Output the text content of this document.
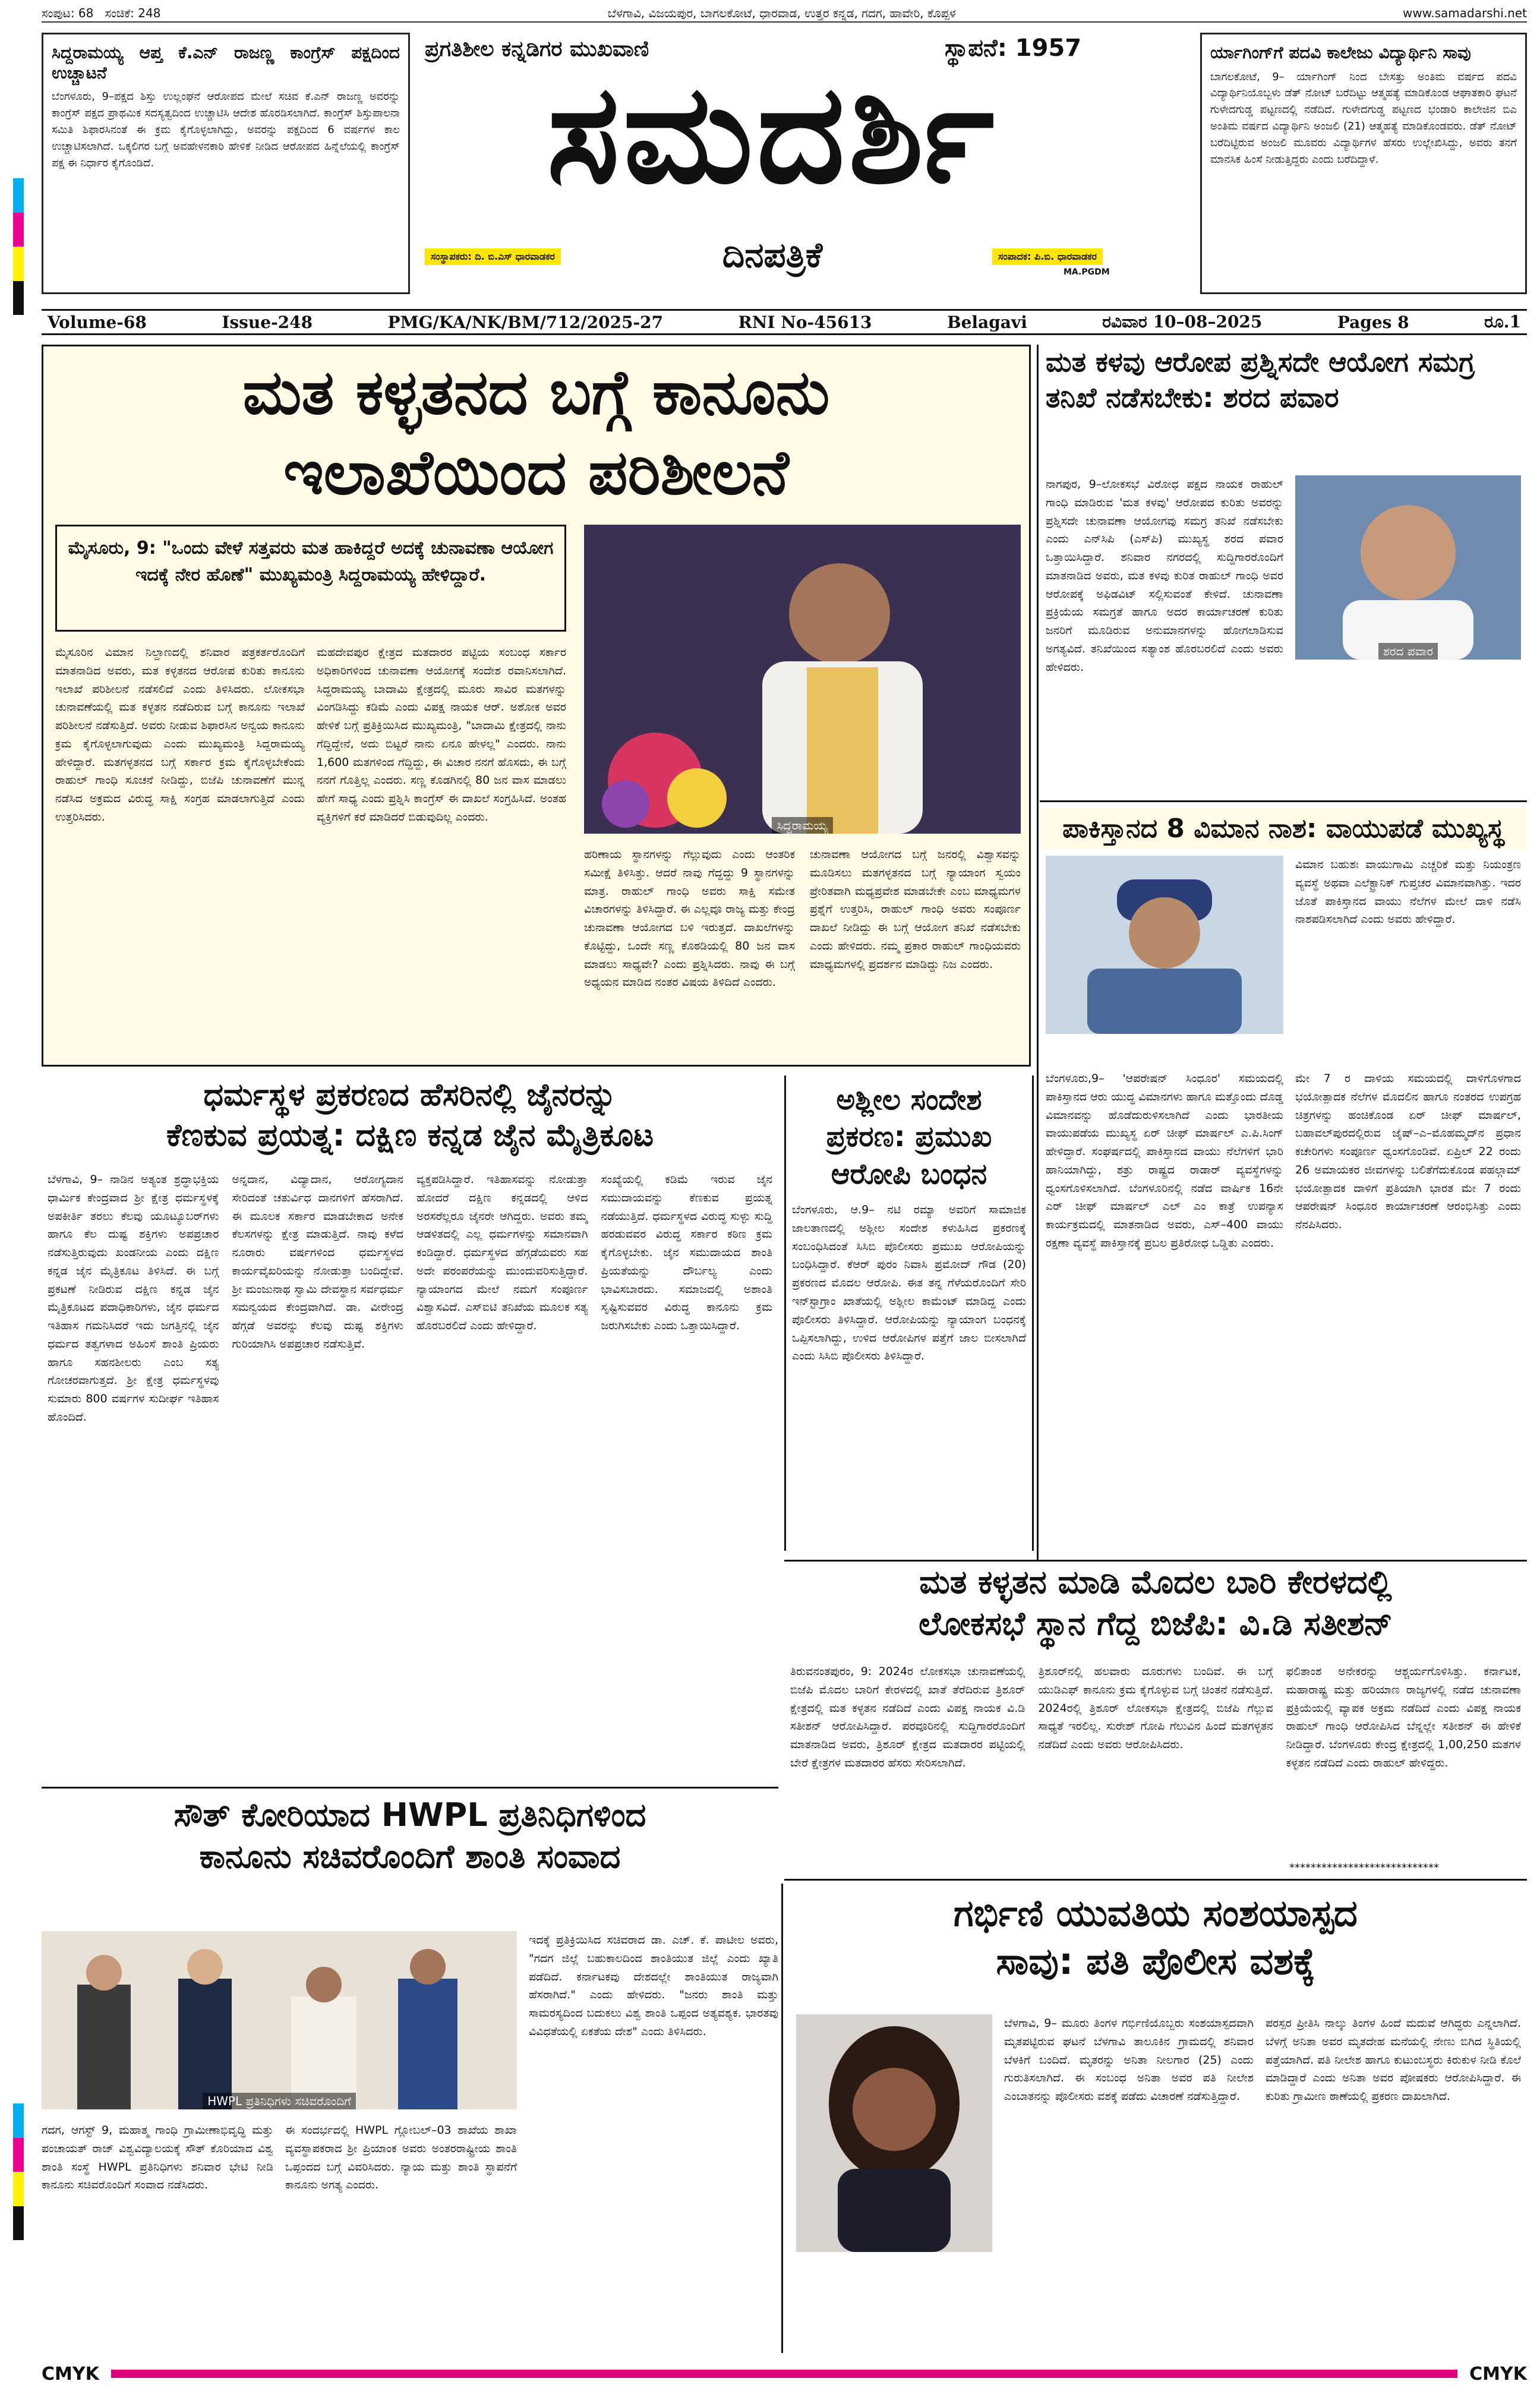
ಸಂಪುಟ: 68 ಸಂಚಿಕೆ: 248	ಬೆಳಗಾವಿ, ವಿಜಯಪುರ, ಬಾಗಲಕೋಟೆ, ಧಾರವಾಡ, ಉತ್ತರ ಕನ್ನಡ, ಗದಗ, ಹಾವೇರಿ, ಕೊಪ್ಪಳ	www.samadarshi.net
ಸಿದ್ದರಾಮಯ್ಯ ಆಪ್ತ ಕೆ.ಎನ್ ರಾಜಣ್ಣ ಕಾಂಗ್ರೆಸ್ ಪಕ್ಷದಿಂದ ಉಚ್ಚಾಟನೆ
ಬೆಂಗಳೂರು, 9–ಪಕ್ಷದ ಶಿಸ್ತು ಉಲ್ಲಂಘನೆ ಆರೋಪದ ಮೇಲೆ ಸಚಿವ ಕೆ.ಎನ್ ರಾಜಣ್ಣ ಅವರನ್ನು ಕಾಂಗ್ರೆಸ್ ಪಕ್ಷದ ಪ್ರಾಥಮಿಕ ಸದಸ್ಯತ್ವದಿಂದ ಉಚ್ಚಾಟಿಸಿ ಆದೇಶ ಹೊರಡಿಸಲಾಗಿದೆ. ಕಾಂಗ್ರೆಸ್ ಶಿಸ್ತುಪಾಲನಾ ಸಮಿತಿ ಶಿಫಾರಸಿನಂತೆ ಈ ಕ್ರಮ ಕೈಗೊಳ್ಳಲಾಗಿದ್ದು, ಅವರನ್ನು ಪಕ್ಷದಿಂದ 6 ವರ್ಷಗಳ ಕಾಲ ಉಚ್ಚಾಟಿಸಲಾಗಿದೆ. ಒಕ್ಕಲಿಗರ ಬಗ್ಗೆ ಅವಹೇಳನಕಾರಿ ಹೇಳಿಕೆ ನೀಡಿದ ಆರೋಪದ ಹಿನ್ನೆಲೆಯಲ್ಲಿ ಕಾಂಗ್ರೆಸ್ ಪಕ್ಷ ಈ ನಿರ್ಧಾರ ಕೈಗೊಂಡಿದೆ.
ಪ್ರಗತಿಶೀಲ ಕನ್ನಡಿಗರ ಮುಖವಾಣಿ	ಸ್ಥಾಪನೆ: 1957
ಸಮದರ್ಶಿ
ಸಂಸ್ಥಾಪಕರು: ದಿ. ಬಿ.ಎಸ್ ಧಾರವಾಡಕರ	ದಿನಪತ್ರಿಕೆ	ಸಂಪಾದಕ: ಪಿ.ಬಿ. ಧಾರವಾಡಕರ
MA.PGDM
ರ್ಯಾಗಿಂಗ್‌ಗೆ ಪದವಿ ಕಾಲೇಜು ವಿದ್ಯಾರ್ಥಿನಿ ಸಾವು
ಬಾಗಲಕೋಟೆ, 9– ರ್ಯಾಗಿಂಗ್ ನಿಂದ ಬೇಸತ್ತು ಅಂತಿಮ ವರ್ಷದ ಪದವಿ ವಿದ್ಯಾರ್ಥಿನಿಯೊಬ್ಬಳು ಡೆತ್ ನೋಟ್ ಬರೆದಿಟ್ಟು ಆತ್ಮಹತ್ಯೆ ಮಾಡಿಕೊಂಡ ಆಘಾತಕಾರಿ ಘಟನೆ ಗುಳೇದಗುಡ್ಡ ಪಟ್ಟಣದಲ್ಲಿ ನಡೆದಿದೆ. ಗುಳೇದಗುಡ್ಡ ಪಟ್ಟಣದ ಭಂಡಾರಿ ಕಾಲೇಜಿನ ಬಿಎ ಅಂತಿಮ ವರ್ಷದ ವಿದ್ಯಾರ್ಥಿನಿ ಅಂಜಲಿ (21) ಆತ್ಮಹತ್ಯೆ ಮಾಡಿಕೊಂಡವರು. ಡೆತ್ ನೋಟ್ ಬರೆದಿಟ್ಟಿರುವ ಅಂಜಲಿ ಮೂವರು ವಿದ್ಯಾರ್ಥಿಗಳ ಹೆಸರು ಉಲ್ಲೇಖಿಸಿದ್ದು, ಅವರು ತನಗೆ ಮಾನಸಿಕ ಹಿಂಸೆ ನೀಡುತ್ತಿದ್ದರು ಎಂದು ಬರೆದಿದ್ದಾಳೆ.
Volume-68	Issue-248	PMG/KA/NK/BM/712/2025-27	RNI No-45613	Belagavi	ರವಿವಾರ 10–08–2025	Pages 8	ರೂ.1
ಮತ ಕಳ್ಳತನದ ಬಗ್ಗೆ ಕಾನೂನು
ಇಲಾಖೆಯಿಂದ ಪರಿಶೀಲನೆ
ಮೈಸೂರು, 9: "ಒಂದು ವೇಳೆ ಸತ್ತವರು ಮತ ಹಾಕಿದ್ದರೆ ಅದಕ್ಕೆ ಚುನಾವಣಾ ಆಯೋಗ ಇದಕ್ಕೆ ನೇರ ಹೊಣೆ" ಮುಖ್ಯಮಂತ್ರಿ ಸಿದ್ದರಾಮಯ್ಯ ಹೇಳಿದ್ದಾರೆ.
ಸಿದ್ದರಾಮಯ್ಯ
ಮೈಸೂರಿನ ವಿಮಾನ ನಿಲ್ದಾಣದಲ್ಲಿ ಶನಿವಾರ ಪತ್ರಕರ್ತರೊಂದಿಗೆ ಮಾತನಾಡಿದ ಅವರು, ಮತ ಕಳ್ಳತನದ ಆರೋಪ ಕುರಿತು ಕಾನೂನು ಇಲಾಖೆ ಪರಿಶೀಲನೆ ನಡೆಸಲಿದೆ ಎಂದು ತಿಳಿಸಿದರು. ಲೋಕಸಭಾ ಚುನಾವಣೆಯಲ್ಲಿ ಮತ ಕಳ್ಳತನ ನಡೆದಿರುವ ಬಗ್ಗೆ ಕಾನೂನು ಇಲಾಖೆ ಪರಿಶೀಲನೆ ನಡೆಸುತ್ತಿದೆ. ಅವರು ನೀಡುವ ಶಿಫಾರಸಿನ ಅನ್ವಯ ಕಾನೂನು ಕ್ರಮ ಕೈಗೊಳ್ಳಲಾಗುವುದು ಎಂದು ಮುಖ್ಯಮಂತ್ರಿ ಸಿದ್ದರಾಮಯ್ಯ ಹೇಳಿದ್ದಾರೆ. ಮತಗಳ್ಳತನದ ಬಗ್ಗೆ ಸರ್ಕಾರ ಕ್ರಮ ಕೈಗೊಳ್ಳಬೇಕೆಂದು ರಾಹುಲ್ ಗಾಂಧಿ ಸೂಚನೆ ನೀಡಿದ್ದು, ಬಿಜೆಪಿ ಚುನಾವಣೆಗೆ ಮುನ್ನ ನಡೆಸಿದ ಅಕ್ರಮದ ವಿರುದ್ಧ ಸಾಕ್ಷಿ ಸಂಗ್ರಹ ಮಾಡಲಾಗುತ್ತಿದೆ ಎಂದು ಉತ್ತರಿಸಿದರು.
ಮಹದೇವಪುರ ಕ್ಷೇತ್ರದ ಮತದಾರರ ಪಟ್ಟಿಯ ಸಂಬಂಧ ಸರ್ಕಾರ ಅಧಿಕಾರಿಗಳಿಂದ ಚುನಾವಣಾ ಆಯೋಗಕ್ಕೆ ಸಂದೇಶ ರವಾನಿಸಲಾಗಿದೆ. ಸಿದ್ದರಾಮಯ್ಯ ಬಾದಾಮಿ ಕ್ಷೇತ್ರದಲ್ಲಿ ಮೂರು ಸಾವಿರ ಮತಗಳನ್ನು ವಿಂಗಡಿಸಿದ್ದು ಕಡಿಮೆ ಎಂದು ವಿಪಕ್ಷ ನಾಯಕ ಆರ್. ಅಶೋಕ ಅವರ ಹೇಳಿಕೆ ಬಗ್ಗೆ ಪ್ರತಿಕ್ರಿಯಿಸಿದ ಮುಖ್ಯಮಂತ್ರಿ, "ಬಾದಾಮಿ ಕ್ಷೇತ್ರದಲ್ಲಿ ನಾನು ಗೆದ್ದಿದ್ದೇನೆ, ಅದು ಬಿಟ್ಟರೆ ನಾನು ಏನೂ ಹೇಳಲ್ಲ" ಎಂದರು. ನಾನು 1,600 ಮತಗಳಿಂದ ಗೆದ್ದಿದ್ದು, ಈ ವಿಚಾರ ನನಗೆ ಹೊಸದು, ಈ ಬಗ್ಗೆ ನನಗೆ ಗೊತ್ತಿಲ್ಲ ಎಂದರು. ಸಣ್ಣ ಕೊಡಗಿನಲ್ಲಿ 80 ಜನ ವಾಸ ಮಾಡಲು ಹೇಗೆ ಸಾಧ್ಯ ಎಂದು ಪ್ರಶ್ನಿಸಿ ಕಾಂಗ್ರೆಸ್ ಈ ದಾಖಲೆ ಸಂಗ್ರಹಿಸಿದೆ. ಅಂತಹ ವ್ಯಕ್ತಿಗಳಿಗೆ ಕರೆ ಮಾಡಿದರೆ ಬಿಡುವುದಿಲ್ಲ ಎಂದರು.
ಹರಿಣಾಯ ಸ್ಥಾನಗಳನ್ನು ಗೆಲ್ಲುವುದು ಎಂದು ಆಂತರಿಕ ಸಮೀಕ್ಷೆ ತಿಳಿಸಿತ್ತು. ಆದರೆ ನಾವು ಗೆದ್ದದ್ದು 9 ಸ್ಥಾನಗಳನ್ನು ಮಾತ್ರ. ರಾಹುಲ್ ಗಾಂಧಿ ಅವರು ಸಾಕ್ಷಿ ಸಮೇತ ವಿಚಾರಗಳನ್ನು ತಿಳಿಸಿದ್ದಾರೆ. ಈ ಎಲ್ಲವೂ ರಾಜ್ಯ ಮತ್ತು ಕೇಂದ್ರ ಚುನಾವಣಾ ಆಯೋಗದ ಬಳಿ ಇರುತ್ತದೆ. ದಾಖಲೆಗಳನ್ನು ಕೊಟ್ಟಿದ್ದು, ಒಂದೇ ಸಣ್ಣ ಕೊಠಡಿಯಲ್ಲಿ 80 ಜನ ವಾಸ ಮಾಡಲು ಸಾಧ್ಯವೇ? ಎಂದು ಪ್ರಶ್ನಿಸಿದರು. ನಾವು ಈ ಬಗ್ಗೆ ಅಧ್ಯಯನ ಮಾಡಿದ ನಂತರ ವಿಷಯ ತಿಳಿದಿದೆ ಎಂದರು.
ಚುನಾವಣಾ ಆಯೋಗದ ಬಗ್ಗೆ ಜನರಲ್ಲಿ ವಿಶ್ವಾಸವನ್ನು ಮೂಡಿಸಲು ಮತಗಳ್ಳತನದ ಬಗ್ಗೆ ನ್ಯಾಯಾಂಗ ಸ್ವಯಂ ಪ್ರೇರಿತವಾಗಿ ಮಧ್ಯಪ್ರವೇಶ ಮಾಡಬೇಕೇ ಎಂಬ ಮಾಧ್ಯಮಗಳ ಪ್ರಶ್ನೆಗೆ ಉತ್ತರಿಸಿ, ರಾಹುಲ್ ಗಾಂಧಿ ಅವರು ಸಂಪೂರ್ಣ ದಾಖಲೆ ನೀಡಿದ್ದು ಈ ಬಗ್ಗೆ ಆಯೋಗ ತನಿಖೆ ನಡೆಸಬೇಕು ಎಂದು ಹೇಳಿದರು. ನಮ್ಮ ಪ್ರಕಾರ ರಾಹುಲ್ ಗಾಂಧಿಯವರು ಮಾಧ್ಯಮಗಳಲ್ಲಿ ಪ್ರದರ್ಶನ ಮಾಡಿದ್ದು ನಿಜ ಎಂದರು.
ಮತ ಕಳವು ಆರೋಪ ಪ್ರಶ್ನಿಸದೇ ಆಯೋಗ ಸಮಗ್ರ ತನಿಖೆ ನಡೆಸಬೇಕು: ಶರದ ಪವಾರ
ನಾಗಪುರ, 9–ಲೋಕಸಭೆ ವಿರೋಧ ಪಕ್ಷದ ನಾಯಕ ರಾಹುಲ್ ಗಾಂಧಿ ಮಾಡಿರುವ 'ಮತ ಕಳವು' ಆರೋಪದ ಕುರಿತು ಅವರನ್ನು ಪ್ರಶ್ನಿಸದೇ ಚುನಾವಣಾ ಆಯೋಗವು ಸಮಗ್ರ ತನಿಖೆ ನಡೆಸಬೇಕು ಎಂದು ಎನ್‌ಸಿಪಿ (ಎಸ್‌ಪಿ) ಮುಖ್ಯಸ್ಥ ಶರದ ಪವಾರ ಒತ್ತಾಯಿಸಿದ್ದಾರೆ. ಶನಿವಾರ ನಗರದಲ್ಲಿ ಸುದ್ದಿಗಾರರೊಂದಿಗೆ ಮಾತನಾಡಿದ ಅವರು, ಮತ ಕಳವು ಕುರಿತ ರಾಹುಲ್ ಗಾಂಧಿ ಅವರ ಆರೋಪಕ್ಕೆ ಅಫಿಡವಿಟ್ ಸಲ್ಲಿಸುವಂತೆ ಕೇಳಿದೆ. ಚುನಾವಣಾ ಪ್ರಕ್ರಿಯೆಯ ಸಮಗ್ರತೆ ಹಾಗೂ ಅದರ ಕಾರ್ಯಾಚರಣೆ ಕುರಿತು ಜನರಿಗೆ ಮೂಡಿರುವ ಅನುಮಾನಗಳನ್ನು ಹೋಗಲಾಡಿಸುವ ಅಗತ್ಯವಿದೆ. ತನಿಖೆಯಿಂದ ಸತ್ಯಾಂಶ ಹೊರಬರಲಿದೆ ಎಂದು ಅವರು ಹೇಳಿದರು.
ಶರದ ಪವಾರ
ಪಾಕಿಸ್ತಾನದ 8 ವಿಮಾನ ನಾಶ: ವಾಯುಪಡೆ ಮುಖ್ಯಸ್ಥ
ವಿಮಾನ ಬಹುಶಃ ವಾಯುಗಾಮಿ ಎಚ್ಚರಿಕೆ ಮತ್ತು ನಿಯಂತ್ರಣ ವ್ಯವಸ್ಥೆ ಅಥವಾ ಎಲೆಕ್ಟ್ರಾನಿಕ್ ಗುಪ್ತಚರ ವಿಮಾನವಾಗಿತ್ತು. ಇದರ ಜೊತೆ ಪಾಕಿಸ್ತಾನದ ವಾಯು ನೆಲೆಗಳ ಮೇಲೆ ದಾಳಿ ನಡೆಸಿ ನಾಶಪಡಿಸಲಾಗಿದೆ ಎಂದು ಅವರು ಹೇಳಿದ್ದಾರೆ.
ಬೆಂಗಳೂರು,9– 'ಆಪರೇಷನ್ ಸಿಂಧೂರ' ಸಮಯದಲ್ಲಿ ಪಾಕಿಸ್ತಾನದ ಆರು ಯುದ್ಧ ವಿಮಾನಗಳು ಹಾಗೂ ಮತ್ತೊಂದು ದೊಡ್ಡ ವಿಮಾನವನ್ನು ಹೊಡೆದುರುಳಿಸಲಾಗಿದೆ ಎಂದು ಭಾರತೀಯ ವಾಯುಪಡೆಯ ಮುಖ್ಯಸ್ಥ ಏರ್ ಚೀಫ್ ಮಾರ್ಷಲ್ ಎ.ಪಿ.ಸಿಂಗ್ ಹೇಳಿದ್ದಾರೆ. ಸಂಘರ್ಷದಲ್ಲಿ ಪಾಕಿಸ್ತಾನದ ವಾಯು ನೆಲೆಗಳಿಗೆ ಭಾರಿ ಹಾನಿಯಾಗಿದ್ದು, ಶತ್ರು ರಾಷ್ಟ್ರದ ರಾಡಾರ್ ವ್ಯವಸ್ಥೆಗಳನ್ನು ಧ್ವಂಸಗೊಳಿಸಲಾಗಿದೆ. ಬೆಂಗಳೂರಿನಲ್ಲಿ ನಡೆದ ವಾರ್ಷಿಕ 16ನೇ ಎರ್ ಚೀಫ್ ಮಾರ್ಷಲ್ ಎಲ್ ಎಂ ಕಾತ್ರೆ ಉಪನ್ಯಾಸ ಕಾರ್ಯಕ್ರಮದಲ್ಲಿ ಮಾತನಾಡಿದ ಅವರು, ಎಸ್–400 ವಾಯು ರಕ್ಷಣಾ ವ್ಯವಸ್ಥೆ ಪಾಕಿಸ್ತಾನಕ್ಕೆ ಪ್ರಬಲ ಪ್ರತಿರೋಧ ಒಡ್ಡಿತು ಎಂದರು.
ಮೇ 7 ರ ದಾಳಿಯ ಸಮಯದಲ್ಲಿ ದಾಳಿಗೊಳಗಾದ ಭಯೋತ್ಪಾದಕ ನೆಲೆಗಳ ಮೊದಲಿನ ಹಾಗೂ ನಂತರದ ಉಪಗ್ರಹ ಚಿತ್ರಗಳನ್ನು ಹಂಚಿಕೊಂಡ ಏರ್ ಚೀಫ್ ಮಾರ್ಷಲ್, ಬಹಾವಲ್‌ಪುರದಲ್ಲಿರುವ ಜೈಷ್–ಎ–ಮೊಹಮ್ಮದ್‌ನ ಪ್ರಧಾನ ಕಚೇರಿಗಳು ಸಂಪೂರ್ಣ ಧ್ವಂಸಗೊಂಡಿವೆ. ಏಪ್ರಿಲ್ 22 ರಂದು 26 ಅಮಾಯಕರ ಜೀವಗಳನ್ನು ಬಲಿತೆಗೆದುಕೊಂಡ ಪಹಲ್ಗಾಮ್ ಭಯೋತ್ಪಾದಕ ದಾಳಿಗೆ ಪ್ರತಿಯಾಗಿ ಭಾರತ ಮೇ 7 ರಂದು ಆಪರೇಷನ್ ಸಿಂಧೂರ ಕಾರ್ಯಾಚರಣೆ ಆರಂಭಿಸಿತ್ತು ಎಂದು ನೆನಪಿಸಿದರು.
ಧರ್ಮಸ್ಥಳ ಪ್ರಕರಣದ ಹೆಸರಿನಲ್ಲಿ ಜೈನರನ್ನು
ಕೆಣಕುವ ಪ್ರಯತ್ನ: ದಕ್ಷಿಣ ಕನ್ನಡ ಜೈನ ಮೈತ್ರಿಕೂಟ
ಬೆಳಗಾವಿ, 9– ನಾಡಿನ ಅತ್ಯಂತ ಶ್ರದ್ಧಾಭಕ್ತಿಯ ಧಾರ್ಮಿಕ ಕೇಂದ್ರವಾದ ಶ್ರೀ ಕ್ಷೇತ್ರ ಧರ್ಮಸ್ಥಳಕ್ಕೆ ಅಪಕೀರ್ತಿ ತರಲು ಕೆಲವು ಯೂಟ್ಯೂಬರ್‌ಗಳು ಹಾಗೂ ಕೆಲ ದುಷ್ಟ ಶಕ್ತಿಗಳು ಅಪಪ್ರಚಾರ ನಡೆಸುತ್ತಿರುವುದು ಖಂಡನೀಯ ಎಂದು ದಕ್ಷಿಣ ಕನ್ನಡ ಜೈನ ಮೈತ್ರಿಕೂಟ ತಿಳಿಸಿದೆ. ಈ ಬಗ್ಗೆ ಪ್ರಕಟಣೆ ನೀಡಿರುವ ದಕ್ಷಿಣ ಕನ್ನಡ ಜೈನ ಮೈತ್ರಿಕೂಟದ ಪದಾಧಿಕಾರಿಗಳು, ಜೈನ ಧರ್ಮದ ಇತಿಹಾಸ ಗಮನಿಸಿದರೆ ಇದು ಜಗತ್ತಿನಲ್ಲಿ ಜೈನ ಧರ್ಮದ ತತ್ವಗಳಾದ ಅಹಿಂಸೆ ಶಾಂತಿ ಪ್ರಿಯರು ಹಾಗೂ ಸಹನಶೀಲರು ಎಂಬ ಸತ್ಯ ಗೋಚರವಾಗುತ್ತದೆ. ಶ್ರೀ ಕ್ಷೇತ್ರ ಧರ್ಮಸ್ಥಳವು ಸುಮಾರು 800 ವರ್ಷಗಳ ಸುದೀರ್ಘ ಇತಿಹಾಸ ಹೊಂದಿದೆ.
ಅನ್ನದಾನ, ವಿದ್ಯಾದಾನ, ಆರೋಗ್ಯದಾನ ಸೇರಿದಂತೆ ಚತುರ್ವಿಧ ದಾನಗಳಿಗೆ ಹೆಸರಾಗಿದೆ. ಈ ಮೂಲಕ ಸರ್ಕಾರ ಮಾಡಬೇಕಾದ ಅನೇಕ ಕೆಲಸಗಳನ್ನು ಕ್ಷೇತ್ರ ಮಾಡುತ್ತಿದೆ. ನಾವು ಕಳೆದ ನೂರಾರು ವರ್ಷಗಳಿಂದ ಧರ್ಮಸ್ಥಳದ ಕಾರ್ಯವೈಖರಿಯನ್ನು ನೋಡುತ್ತಾ ಬಂದಿದ್ದೇವೆ. ಶ್ರೀ ಮಂಜುನಾಥ ಸ್ವಾಮಿ ದೇವಸ್ಥಾನ ಸರ್ವಧರ್ಮ ಸಮನ್ವಯದ ಕೇಂದ್ರವಾಗಿದೆ. ಡಾ. ವೀರೇಂದ್ರ ಹೆಗ್ಗಡೆ ಅವರನ್ನು ಕೆಲವು ದುಷ್ಟ ಶಕ್ತಿಗಳು ಗುರಿಯಾಗಿಸಿ ಅಪಪ್ರಚಾರ ನಡೆಸುತ್ತಿವೆ.
ವ್ಯಕ್ತಪಡಿಸಿದ್ದಾರೆ. ಇತಿಹಾಸವನ್ನು ನೋಡುತ್ತಾ ಹೋದರೆ ದಕ್ಷಿಣ ಕನ್ನಡದಲ್ಲಿ ಆಳಿದ ಅರಸರೆಲ್ಲರೂ ಜೈನರೇ ಆಗಿದ್ದರು. ಅವರು ತಮ್ಮ ಆಡಳಿತದಲ್ಲಿ ಎಲ್ಲ ಧರ್ಮಗಳನ್ನು ಸಮಾನವಾಗಿ ಕಂಡಿದ್ದಾರೆ. ಧರ್ಮಸ್ಥಳದ ಹೆಗ್ಗಡೆಯವರು ಸಹ ಅದೇ ಪರಂಪರೆಯನ್ನು ಮುಂದುವರಿಸುತ್ತಿದ್ದಾರೆ. ನ್ಯಾಯಾಂಗದ ಮೇಲೆ ನಮಗೆ ಸಂಪೂರ್ಣ ವಿಶ್ವಾಸವಿದೆ. ಎಸ್‌ಐಟಿ ತನಿಖೆಯ ಮೂಲಕ ಸತ್ಯ ಹೊರಬರಲಿದೆ ಎಂದು ಹೇಳಿದ್ದಾರೆ.
ಸಂಖ್ಯೆಯಲ್ಲಿ ಕಡಿಮೆ ಇರುವ ಜೈನ ಸಮುದಾಯವನ್ನು ಕೆಣಕುವ ಪ್ರಯತ್ನ ನಡೆಯುತ್ತಿದೆ. ಧರ್ಮಸ್ಥಳದ ವಿರುದ್ಧ ಸುಳ್ಳು ಸುದ್ದಿ ಹರಡುವವರ ವಿರುದ್ಧ ಸರ್ಕಾರ ಕಠಿಣ ಕ್ರಮ ಕೈಗೊಳ್ಳಬೇಕು. ಜೈನ ಸಮುದಾಯದ ಶಾಂತಿ ಪ್ರಿಯತೆಯನ್ನು ದೌರ್ಬಲ್ಯ ಎಂದು ಭಾವಿಸಬಾರದು. ಸಮಾಜದಲ್ಲಿ ಅಶಾಂತಿ ಸೃಷ್ಟಿಸುವವರ ವಿರುದ್ಧ ಕಾನೂನು ಕ್ರಮ ಜರುಗಿಸಬೇಕು ಎಂದು ಒತ್ತಾಯಿಸಿದ್ದಾರೆ.
ಅಶ್ಲೀಲ ಸಂದೇಶ ಪ್ರಕರಣ: ಪ್ರಮುಖ ಆರೋಪಿ ಬಂಧನ
ಬೆಂಗಳೂರು, ಆ.9– ನಟಿ ರಮ್ಯಾ ಅವರಿಗೆ ಸಾಮಾಜಿಕ ಜಾಲತಾಣದಲ್ಲಿ ಅಶ್ಲೀಲ ಸಂದೇಶ ಕಳುಹಿಸಿದ ಪ್ರಕರಣಕ್ಕೆ ಸಂಬಂಧಿಸಿದಂತೆ ಸಿಸಿಬಿ ಪೊಲೀಸರು ಪ್ರಮುಖ ಆರೋಪಿಯನ್ನು ಬಂಧಿಸಿದ್ದಾರೆ. ಕೆಆರ್ ಪುರಂ ನಿವಾಸಿ ಪ್ರಮೋದ್ ಗೌಡ (20) ಪ್ರಕರಣದ ಮೊದಲ ಆರೋಪಿ. ಈತ ತನ್ನ ಗೆಳೆಯರೊಂದಿಗೆ ಸೇರಿ ಇನ್‌ಸ್ಟಾಗ್ರಾಂ ಖಾತೆಯಲ್ಲಿ ಅಶ್ಲೀಲ ಕಾಮೆಂಟ್ ಮಾಡಿದ್ದ ಎಂದು ಪೊಲೀಸರು ತಿಳಿಸಿದ್ದಾರೆ. ಆರೋಪಿಯನ್ನು ನ್ಯಾಯಾಂಗ ಬಂಧನಕ್ಕೆ ಒಪ್ಪಿಸಲಾಗಿದ್ದು, ಉಳಿದ ಆರೋಪಿಗಳ ಪತ್ತೆಗೆ ಜಾಲ ಬೀಸಲಾಗಿದೆ ಎಂದು ಸಿಸಿಬಿ ಪೊಲೀಸರು ತಿಳಿಸಿದ್ದಾರೆ.
ಮತ ಕಳ್ಳತನ ಮಾಡಿ ಮೊದಲ ಬಾರಿ ಕೇರಳದಲ್ಲಿ
ಲೋಕಸಭೆ ಸ್ಥಾನ ಗೆದ್ದ ಬಿಜೆಪಿ: ವಿ.ಡಿ ಸತೀಶನ್
ತಿರುವನಂತಪುರಂ, 9: 2024ರ ಲೋಕಸಭಾ ಚುನಾವಣೆಯಲ್ಲಿ ಬಿಜೆಪಿ ಮೊದಲ ಬಾರಿಗೆ ಕೇರಳದಲ್ಲಿ ಖಾತೆ ತೆರೆದಿರುವ ತ್ರಿಶೂರ್ ಕ್ಷೇತ್ರದಲ್ಲಿ ಮತ ಕಳ್ಳತನ ನಡೆದಿದೆ ಎಂದು ವಿಪಕ್ಷ ನಾಯಕ ವಿ.ಡಿ ಸತೀಶನ್ ಆರೋಪಿಸಿದ್ದಾರೆ. ಪರವೂರಿನಲ್ಲಿ ಸುದ್ದಿಗಾರರೊಂದಿಗೆ ಮಾತನಾಡಿದ ಅವರು, ತ್ರಿಶೂರ್ ಕ್ಷೇತ್ರದ ಮತದಾರರ ಪಟ್ಟಿಯಲ್ಲಿ ಬೇರೆ ಕ್ಷೇತ್ರಗಳ ಮತದಾರರ ಹೆಸರು ಸೇರಿಸಲಾಗಿದೆ.
ತ್ರಿಶೂರ್‌ನಲ್ಲಿ ಹಲವಾರು ದೂರುಗಳು ಬಂದಿವೆ. ಈ ಬಗ್ಗೆ ಯುಡಿಎಫ್ ಕಾನೂನು ಕ್ರಮ ಕೈಗೊಳ್ಳುವ ಬಗ್ಗೆ ಚಿಂತನೆ ನಡೆಸುತ್ತಿದೆ. 2024ರಲ್ಲಿ ತ್ರಿಶೂರ್ ಲೋಕಸಭಾ ಕ್ಷೇತ್ರದಲ್ಲಿ ಬಿಜೆಪಿ ಗೆಲ್ಲುವ ಸಾಧ್ಯತೆ ಇರಲಿಲ್ಲ. ಸುರೇಶ್ ಗೋಪಿ ಗೆಲುವಿನ ಹಿಂದೆ ಮತಗಳ್ಳತನ ನಡೆದಿದೆ ಎಂದು ಅವರು ಆರೋಪಿಸಿದರು.
ಫಲಿತಾಂಶ ಅನೇಕರನ್ನು ಆಶ್ಚರ್ಯಗೊಳಿಸಿತ್ತು. ಕರ್ನಾಟಕ, ಮಹಾರಾಷ್ಟ್ರ ಮತ್ತು ಹರಿಯಾಣ ರಾಜ್ಯಗಳಲ್ಲಿ ನಡೆದ ಚುನಾವಣಾ ಪ್ರಕ್ರಿಯೆಯಲ್ಲಿ ವ್ಯಾಪಕ ಅಕ್ರಮ ನಡೆದಿದೆ ಎಂದು ವಿಪಕ್ಷ ನಾಯಕ ರಾಹುಲ್ ಗಾಂಧಿ ಆರೋಪಿಸಿದ ಬೆನ್ನಲ್ಲೇ ಸತೀಶನ್ ಈ ಹೇಳಿಕೆ ನೀಡಿದ್ದಾರೆ. ಬೆಂಗಳೂರು ಕೇಂದ್ರ ಕ್ಷೇತ್ರದಲ್ಲಿ 1,00,250 ಮತಗಳ ಕಳ್ಳತನ ನಡೆದಿದೆ ಎಂದು ರಾಹುಲ್ ಹೇಳಿದ್ದರು.
****************************
ಸೌತ್ ಕೋರಿಯಾದ HWPL ಪ್ರತಿನಿಧಿಗಳಿಂದ
ಕಾನೂನು ಸಚಿವರೊಂದಿಗೆ ಶಾಂತಿ ಸಂವಾದ
HWPL ಪ್ರತಿನಿಧಿಗಳು ಸಚಿವರೊಂದಿಗೆ
ಇದಕ್ಕೆ ಪ್ರತಿಕ್ರಿಯಿಸಿದ ಸಚಿವರಾದ ಡಾ. ಎಚ್. ಕೆ. ಪಾಟೀಲ ಅವರು, "ಗದಗ ಜಿಲ್ಲೆ ಬಹುಕಾಲದಿಂದ ಶಾಂತಿಯುತ ಜಿಲ್ಲೆ ಎಂದು ಖ್ಯಾತಿ ಪಡೆದಿದೆ. ಕರ್ನಾಟಕವು ದೇಶದಲ್ಲೇ ಶಾಂತಿಯುತ ರಾಜ್ಯವಾಗಿ ಹೆಸರಾಗಿದೆ." ಎಂದು ಹೇಳಿದರು. "ಜನರು ಶಾಂತಿ ಮತ್ತು ಸಾಮರಸ್ಯದಿಂದ ಬದುಕಲು ವಿಶ್ವ ಶಾಂತಿ ಒಪ್ಪಂದ ಅತ್ಯವಶ್ಯಕ. ಭಾರತವು ವಿವಿಧತೆಯಲ್ಲಿ ಏಕತೆಯ ದೇಶ" ಎಂದು ತಿಳಿಸಿದರು.
ಗದಗ, ಆಗಸ್ಟ್ 9, ಮಹಾತ್ಮ ಗಾಂಧಿ ಗ್ರಾಮೀಣಾಭಿವೃದ್ಧಿ ಮತ್ತು ಪಂಚಾಯತ್ ರಾಜ್ ವಿಶ್ವವಿದ್ಯಾಲಯಕ್ಕೆ ಸೌತ್ ಕೊರಿಯಾದ ವಿಶ್ವ ಶಾಂತಿ ಸಂಸ್ಥೆ HWPL ಪ್ರತಿನಿಧಿಗಳು ಶನಿವಾರ ಭೇಟಿ ನೀಡಿ ಕಾನೂನು ಸಚಿವರೊಂದಿಗೆ ಸಂವಾದ ನಡೆಸಿದರು.
ಈ ಸಂದರ್ಭದಲ್ಲಿ HWPL ಗ್ಲೋಬಲ್–03 ಶಾಖೆಯ ಶಾಖಾ ವ್ಯವಸ್ಥಾಪಕರಾದ ಶ್ರೀ ಪ್ರಿಯಾಂಕ ಅವರು ಅಂತರರಾಷ್ಟ್ರೀಯ ಶಾಂತಿ ಒಪ್ಪಂದದ ಬಗ್ಗೆ ವಿವರಿಸಿದರು. ನ್ಯಾಯ ಮತ್ತು ಶಾಂತಿ ಸ್ಥಾಪನೆಗೆ ಕಾನೂನು ಅಗತ್ಯ ಎಂದರು.
ಗರ್ಭಿಣಿ ಯುವತಿಯ ಸಂಶಯಾಸ್ಪದ
ಸಾವು: ಪತಿ ಪೊಲೀಸ ವಶಕ್ಕೆ
ಬೆಳಗಾವಿ, 9– ಮೂರು ತಿಂಗಳ ಗರ್ಭಿಣಿಯೊಬ್ಬರು ಸಂಶಯಾಸ್ಪದವಾಗಿ ಮೃತಪಟ್ಟಿರುವ ಘಟನೆ ಬೆಳಗಾವಿ ತಾಲೂಕಿನ ಗ್ರಾಮದಲ್ಲಿ ಶನಿವಾರ ಬೆಳಕಿಗೆ ಬಂದಿದೆ. ಮೃತರನ್ನು ಅನಿತಾ ನೀಲಗಾರ (25) ಎಂದು ಗುರುತಿಸಲಾಗಿದೆ. ಈ ಸಂಬಂಧ ಅನಿತಾ ಅವರ ಪತಿ ನೀಲೇಶ ಎಂಬಾತನನ್ನು ಪೊಲೀಸರು ವಶಕ್ಕೆ ಪಡೆದು ವಿಚಾರಣೆ ನಡೆಸುತ್ತಿದ್ದಾರೆ.
ಪರಸ್ಪರ ಪ್ರೀತಿಸಿ ನಾಲ್ಕು ತಿಂಗಳ ಹಿಂದೆ ಮದುವೆ ಆಗಿದ್ದರು ಎನ್ನಲಾಗಿದೆ. ಬೆಳಗ್ಗೆ ಅನಿತಾ ಅವರ ಮೃತದೇಹ ಮನೆಯಲ್ಲಿ ನೇಣು ಬಿಗಿದ ಸ್ಥಿತಿಯಲ್ಲಿ ಪತ್ತೆಯಾಗಿದೆ. ಪತಿ ನೀಲೇಶ ಹಾಗೂ ಕುಟುಂಬಸ್ಥರು ಕಿರುಕುಳ ನೀಡಿ ಕೊಲೆ ಮಾಡಿದ್ದಾರೆ ಎಂದು ಅನಿತಾ ಅವರ ಪೋಷಕರು ಆರೋಪಿಸಿದ್ದಾರೆ. ಈ ಕುರಿತು ಗ್ರಾಮೀಣ ಠಾಣೆಯಲ್ಲಿ ಪ್ರಕರಣ ದಾಖಲಾಗಿದೆ.
CMYK	CMYK
